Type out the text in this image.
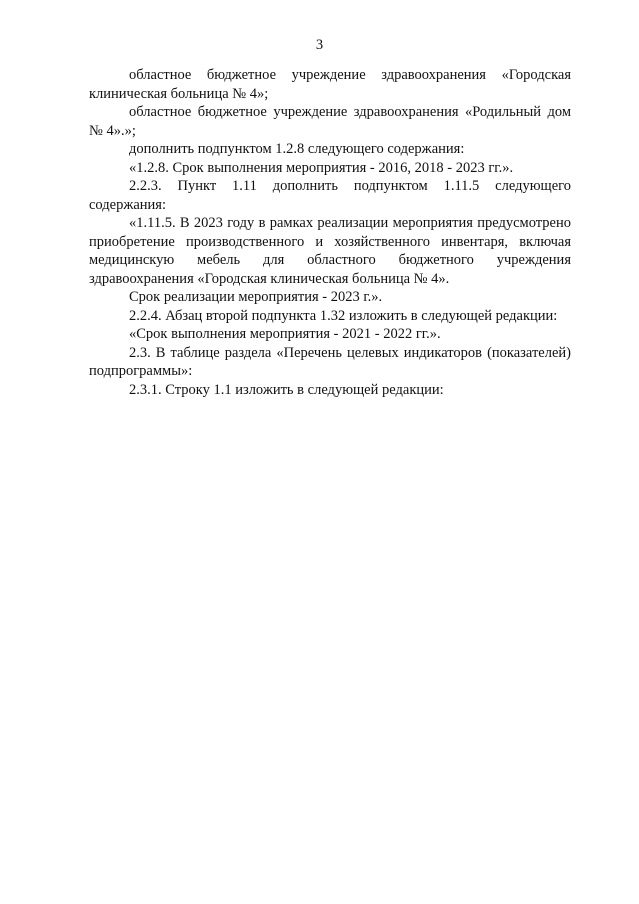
3

областное бюджетное учреждение здравоохранения «Городская клиническая больница № 4»;

областное бюджетное учреждение здравоохранения «Родильный дом № 4».»;

дополнить подпунктом 1.2.8 следующего содержания:

«1.2.8. Срок выполнения мероприятия - 2016, 2018 - 2023 гг.».

2.2.3. Пункт 1.11 дополнить подпунктом 1.11.5 следующего содержания:

«1.11.5. В 2023 году в рамках реализации мероприятия предусмотрено приобретение производственного и хозяйственного инвентаря, включая медицинскую мебель для областного бюджетного учреждения здравоохранения «Городская клиническая больница № 4».

Срок реализации мероприятия - 2023 г.».

2.2.4. Абзац второй подпункта 1.32 изложить в следующей редакции:

«Срок выполнения мероприятия - 2021 - 2022 гг.».

2.3. В таблице раздела «Перечень целевых индикаторов (показателей) подпрограммы»:

2.3.1. Строку 1.1 изложить в следующей редакции:
